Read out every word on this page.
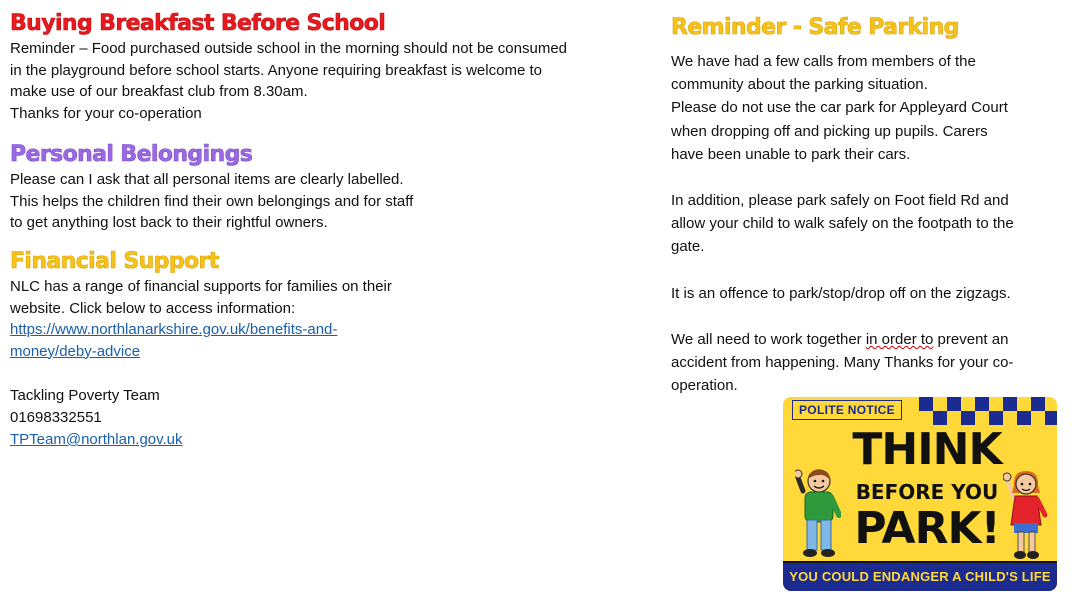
Buying Breakfast Before School

Reminder – Food purchased outside school in the morning should not be consumed
in the playground before school starts. Anyone requiring breakfast is welcome to
make use of our breakfast club from 8.30am.
Thanks for your co-operation

Personal Belongings

Please can I ask that all personal items are clearly labelled.
This helps the children find their own belongings and for staff
to get anything lost back to their rightful owners.

Financial Support

NLC has a range of financial supports for families on their
website. Click below to access information:

https://www.northlanarkshire.gov.uk/benefits-and-
money/deby-advice

Tackling Poverty Team

01698332551

TPTeam@northlan.gov.uk
Reminder - Safe Parking

We have had a few calls from members of the
community about the parking situation.
Please do not use the car park for Appleyard Court
when dropping off and picking up pupils. Carers
have been unable to park their cars.

In addition, please park safely on Foot field Rd and
allow your child to walk safely on the footpath to the
gate.

It is an offence to park/stop/drop off on the zigzags.

We all need to work together in order to prevent an
accident from happening. Many Thanks for your co-
operation.

POLITE NOTICE
THINK
BEFORE YOU
PARK!
YOU COULD ENDANGER A CHILD'S LIFE
